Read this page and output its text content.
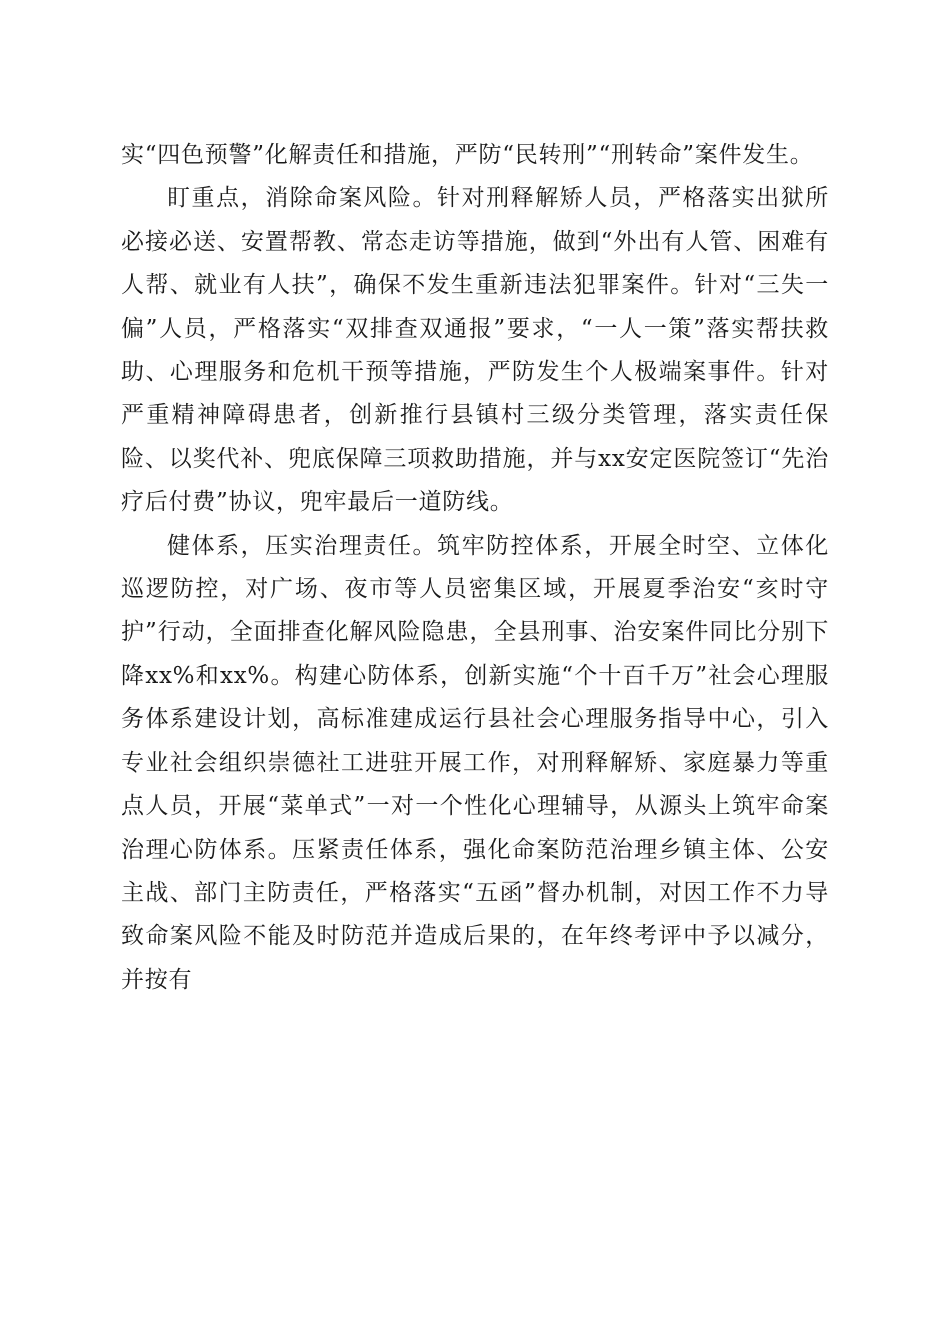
实“四色预警”化解责任和措施，严防“民转刑”“刑转命”案件发生。

盯重点，消除命案风险。针对刑释解矫人员，严格落实出狱所必接必送、安置帮教、常态走访等措施，做到“外出有人管、困难有人帮、就业有人扶”，确保不发生重新违法犯罪案件。针对“三失一偏”人员，严格落实“双排查双通报”要求，“一人一策”落实帮扶救助、心理服务和危机干预等措施，严防发生个人极端案事件。针对严重精神障碍患者，创新推行县镇村三级分类管理，落实责任保险、以奖代补、兜底保障三项救助措施，并与xx安定医院签订“先治疗后付费”协议，兜牢最后一道防线。

健体系，压实治理责任。筑牢防控体系，开展全时空、立体化巡逻防控，对广场、夜市等人员密集区域，开展夏季治安“亥时守护”行动，全面排查化解风险隐患，全县刑事、治安案件同比分别下降xx%和xx%。构建心防体系，创新实施“个十百千万”社会心理服务体系建设计划，高标准建成运行县社会心理服务指导中心，引入专业社会组织崇德社工进驻开展工作，对刑释解矫、家庭暴力等重点人员，开展“菜单式”一对一个性化心理辅导，从源头上筑牢命案治理心防体系。压紧责任体系，强化命案防范治理乡镇主体、公安主战、部门主防责任，严格落实“五函”督办机制，对因工作不力导致命案风险不能及时防范并造成后果的，在年终考评中予以减分，并按有
